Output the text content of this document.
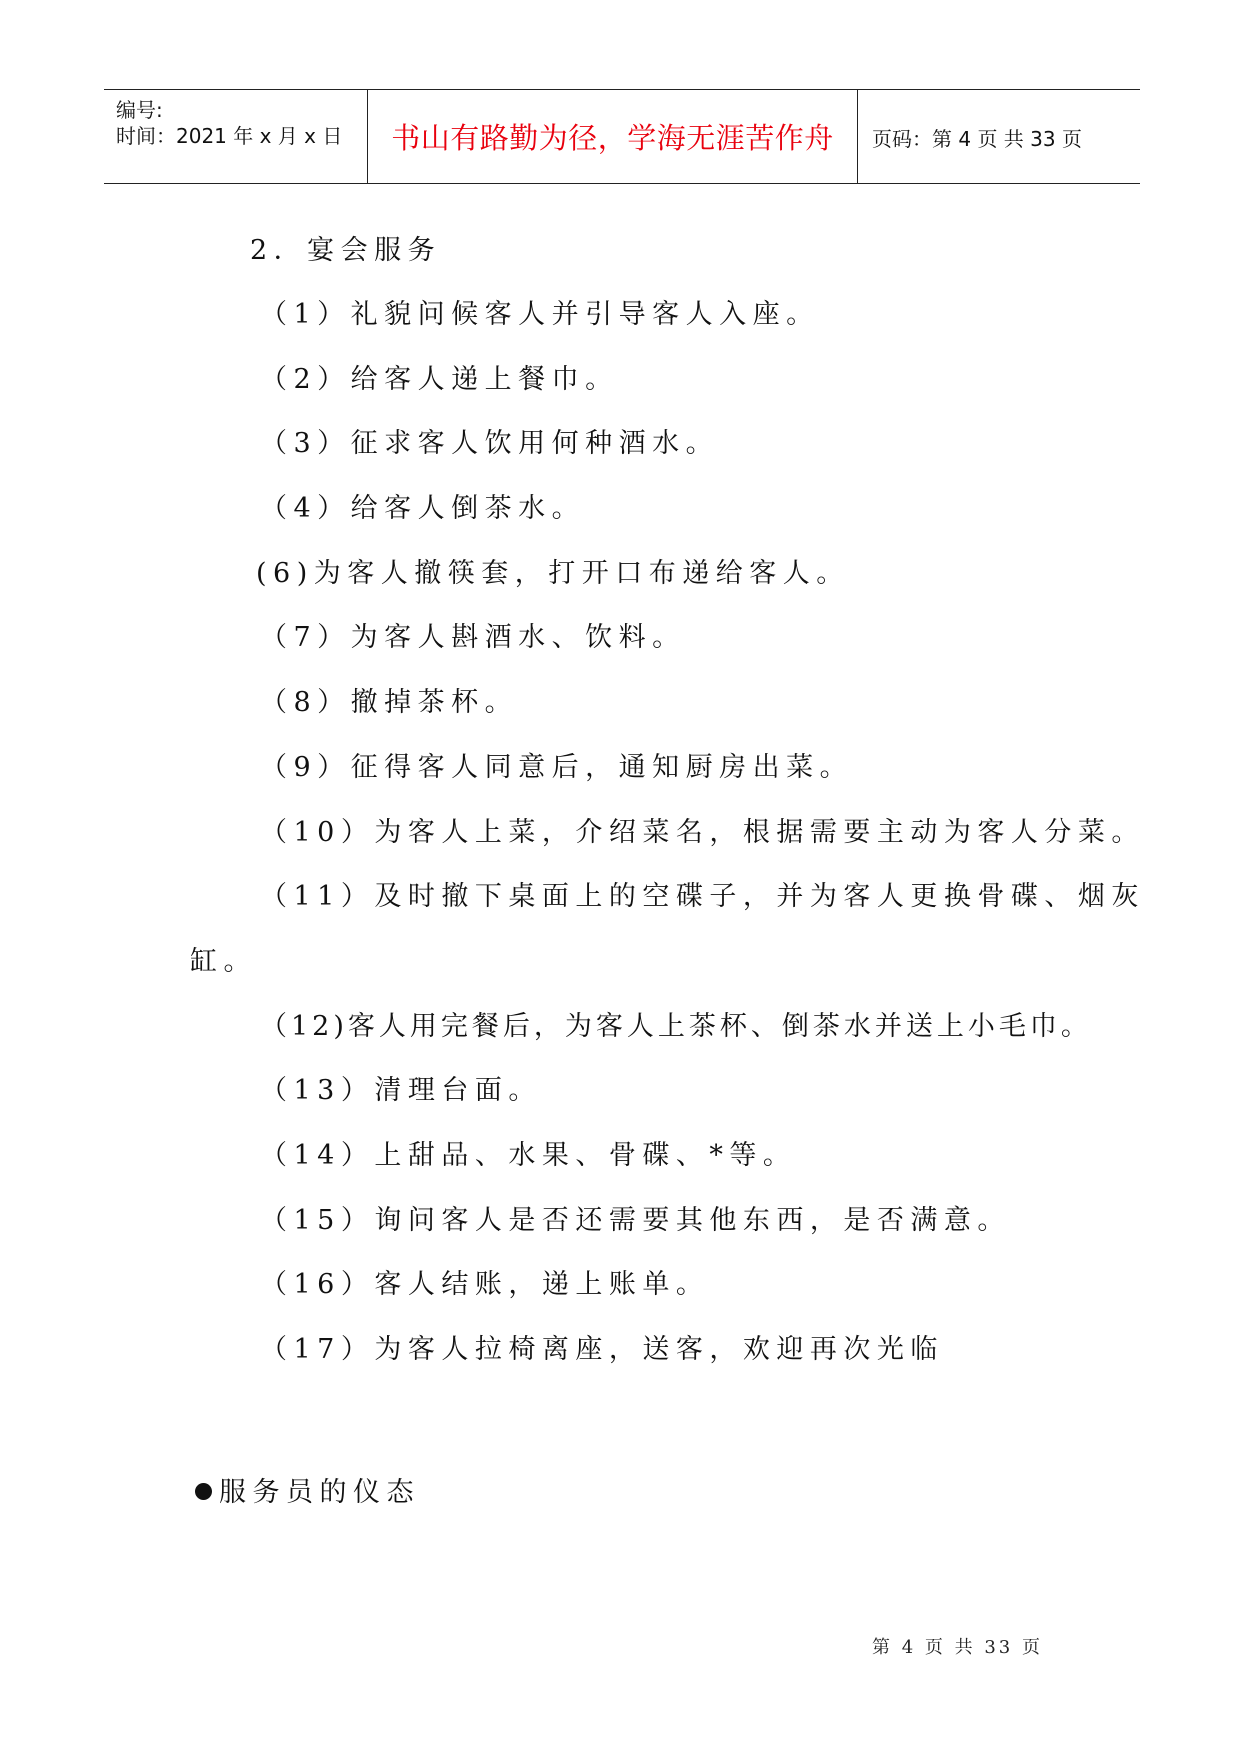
编号:
时间：2021 年 x 月 x 日	书山有路勤为径，学海无涯苦作舟	页码：第 4 页 共 33 页
2．宴会服务
（1）礼貌问候客人并引导客人入座。
（2）给客人递上餐巾。
（3）征求客人饮用何种酒水。
（4）给客人倒茶水。
(6)为客人撤筷套，打开口布递给客人。
（7）为客人斟酒水、饮料。
（8）撤掉茶杯。
（9）征得客人同意后，通知厨房出菜。
（10）为客人上菜，介绍菜名，根据需要主动为客人分菜。
（11）及时撤下桌面上的空碟子，并为客人更换骨碟、烟灰
缸。
（12)客人用完餐后，为客人上茶杯、倒茶水并送上小毛巾。
（13）清理台面。
（14）上甜品、水果、骨碟、*等。
（15）询问客人是否还需要其他东西，是否满意。
（16）客人结账，递上账单。
（17）为客人拉椅离座，送客，欢迎再次光临
服务员的仪态
第 4 页 共 33 页
